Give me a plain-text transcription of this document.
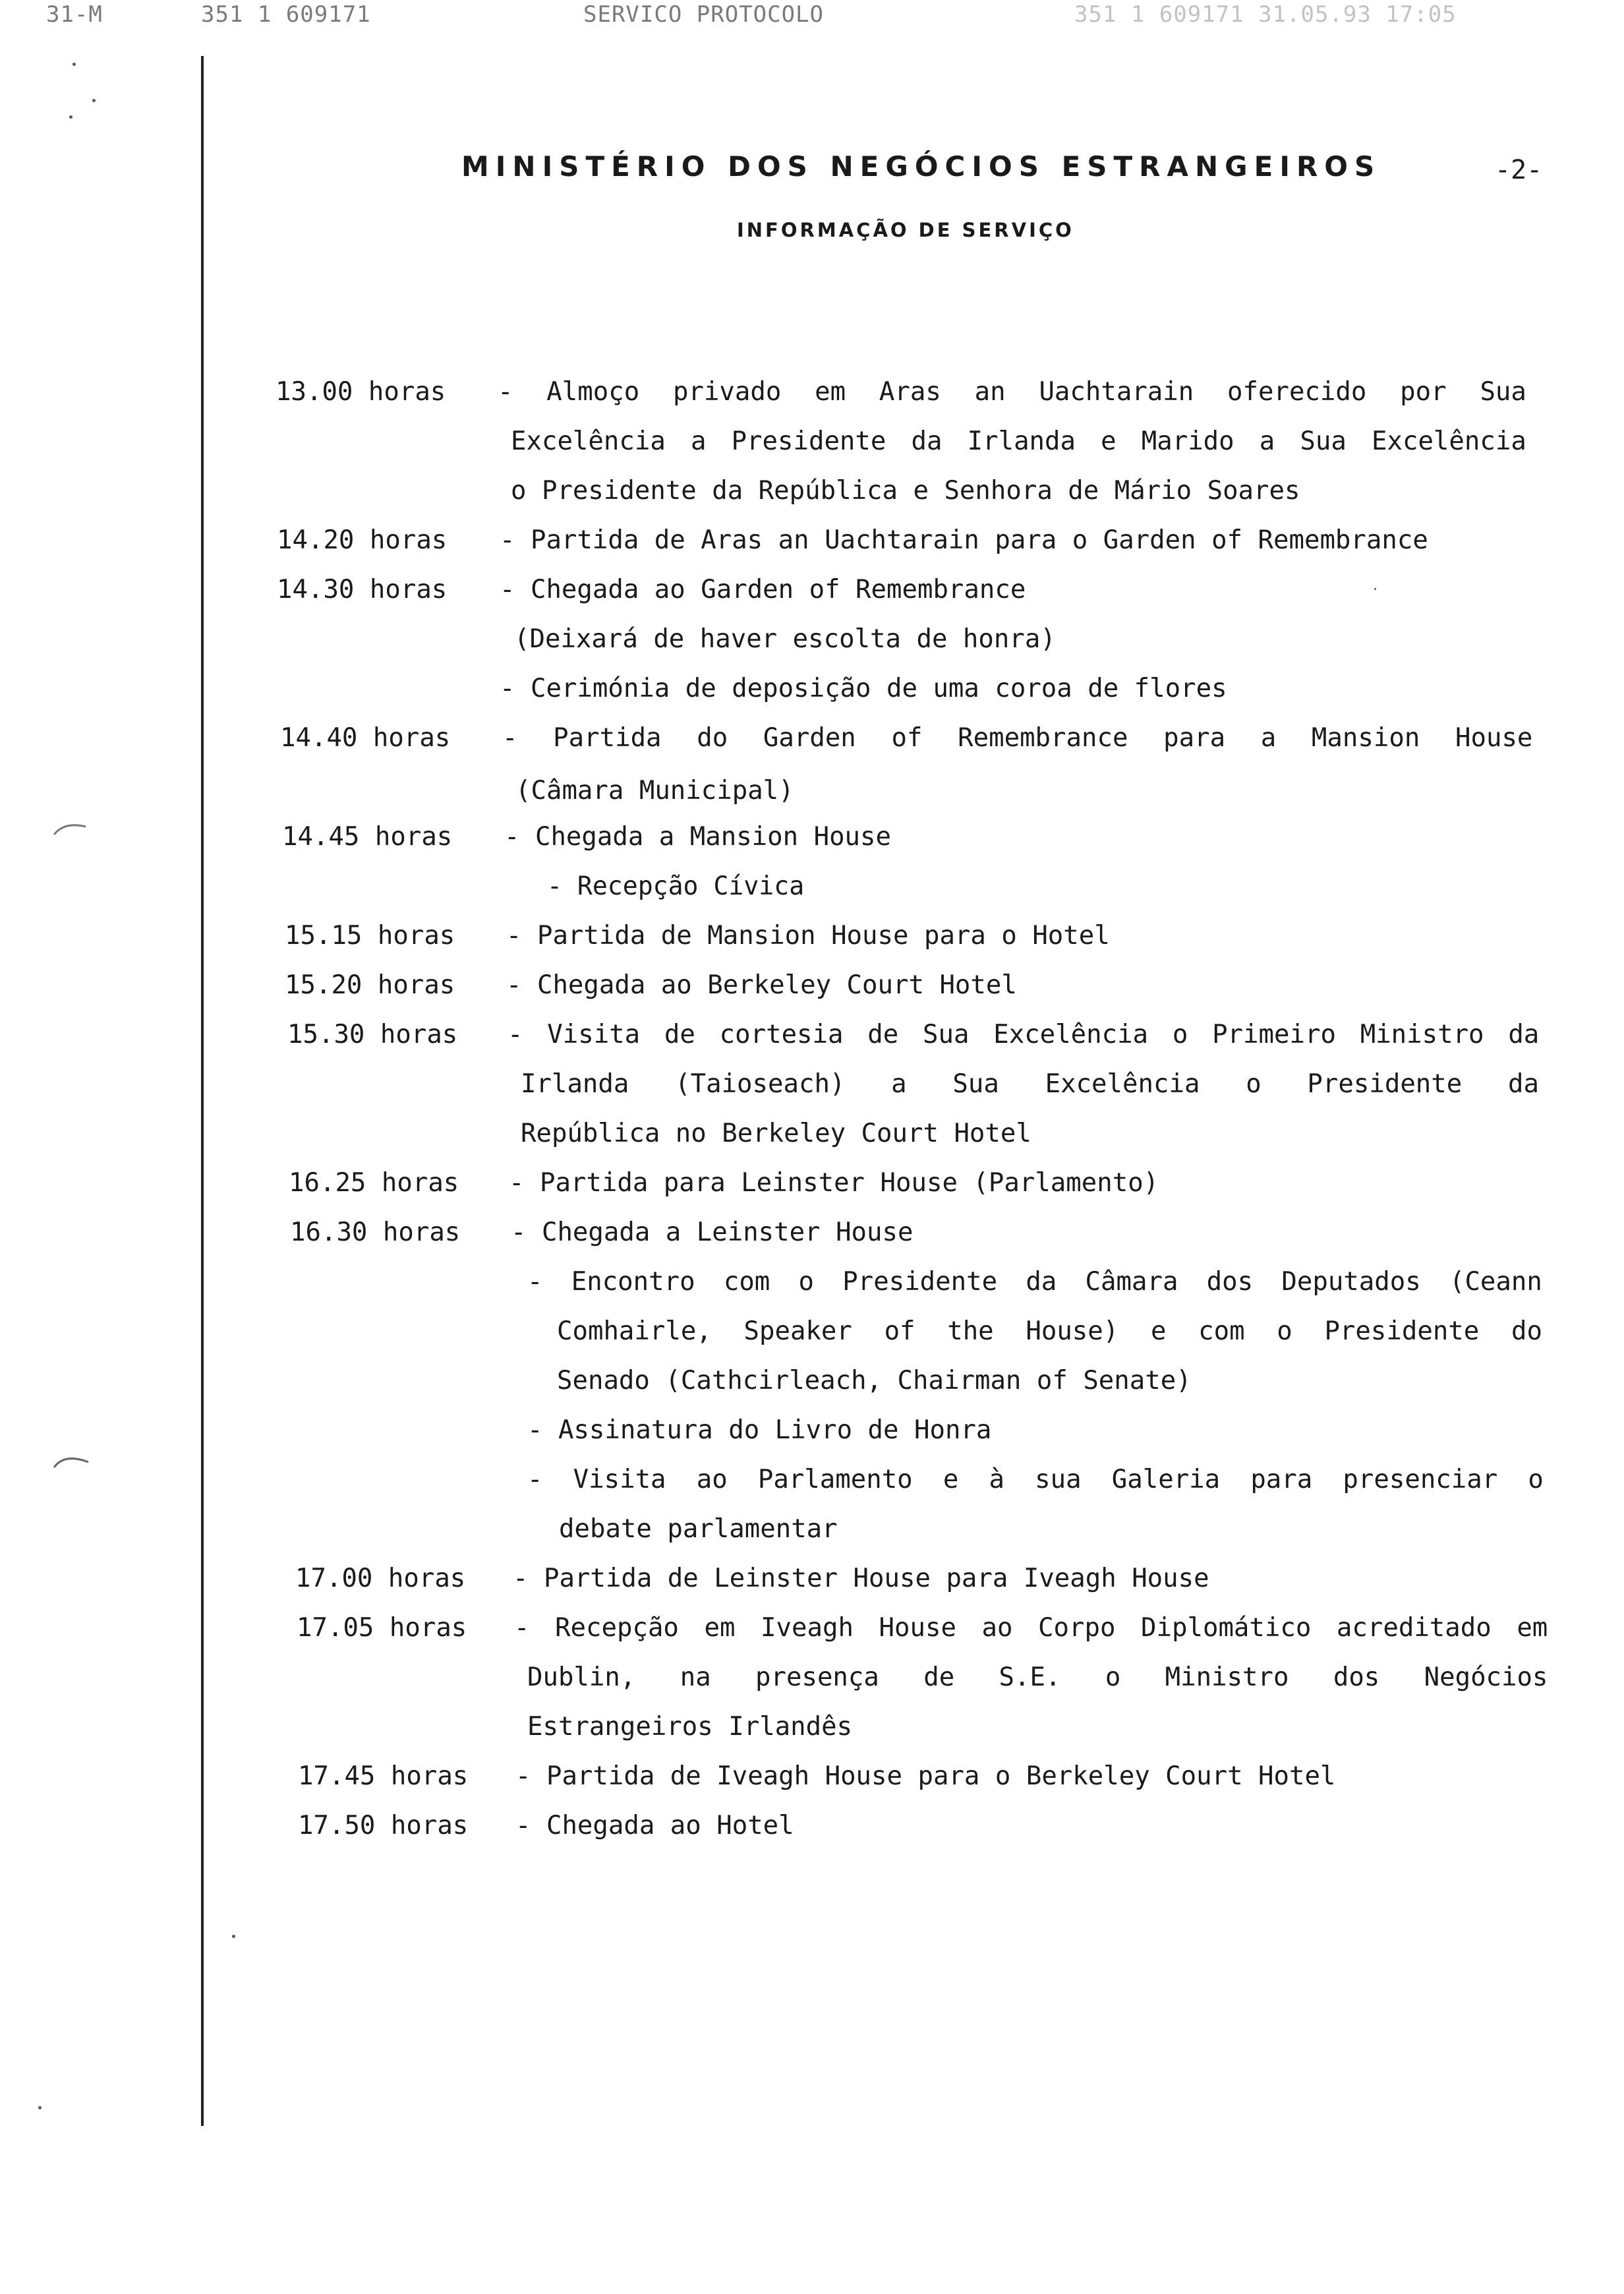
31-M	351 1 609171	SERVICO PROTOCOLO	351 1 609171 31.05.93 17:05
MINISTÉRIO DOS NEGÓCIOS ESTRANGEIROS	-2-
INFORMAÇÃO DE SERVIÇO
13.00 horas - Almoço privado em Aras an Uachtarain oferecido por Sua
Excelência a Presidente da Irlanda e Marido a Sua Excelência
o Presidente da República e Senhora de Mário Soares
14.20 horas - Partida de Aras an Uachtarain para o Garden of Remembrance
14.30 horas - Chegada ao Garden of Remembrance
(Deixará de haver escolta de honra)
- Cerimónia de deposição de uma coroa de flores
14.40 horas - Partida do Garden of Remembrance para a Mansion House
(Câmara Municipal)
14.45 horas - Chegada a Mansion House
- Recepção Cívica
15.15 horas - Partida de Mansion House para o Hotel
15.20 horas - Chegada ao Berkeley Court Hotel
15.30 horas - Visita de cortesia de Sua Excelência o Primeiro Ministro da
Irlanda (Taioseach) a Sua Excelência o Presidente da
República no Berkeley Court Hotel
16.25 horas - Partida para Leinster House (Parlamento)
16.30 horas - Chegada a Leinster House
- Encontro com o Presidente da Câmara dos Deputados (Ceann
Comhairle, Speaker of the House) e com o Presidente do
Senado (Cathcirleach, Chairman of Senate)
- Assinatura do Livro de Honra
- Visita ao Parlamento e à sua Galeria para presenciar o
debate parlamentar
17.00 horas - Partida de Leinster House para Iveagh House
17.05 horas - Recepção em Iveagh House ao Corpo Diplomático acreditado em
Dublin, na presença de S.E. o Ministro dos Negócios
Estrangeiros Irlandês
17.45 horas - Partida de Iveagh House para o Berkeley Court Hotel
17.50 horas - Chegada ao Hotel
